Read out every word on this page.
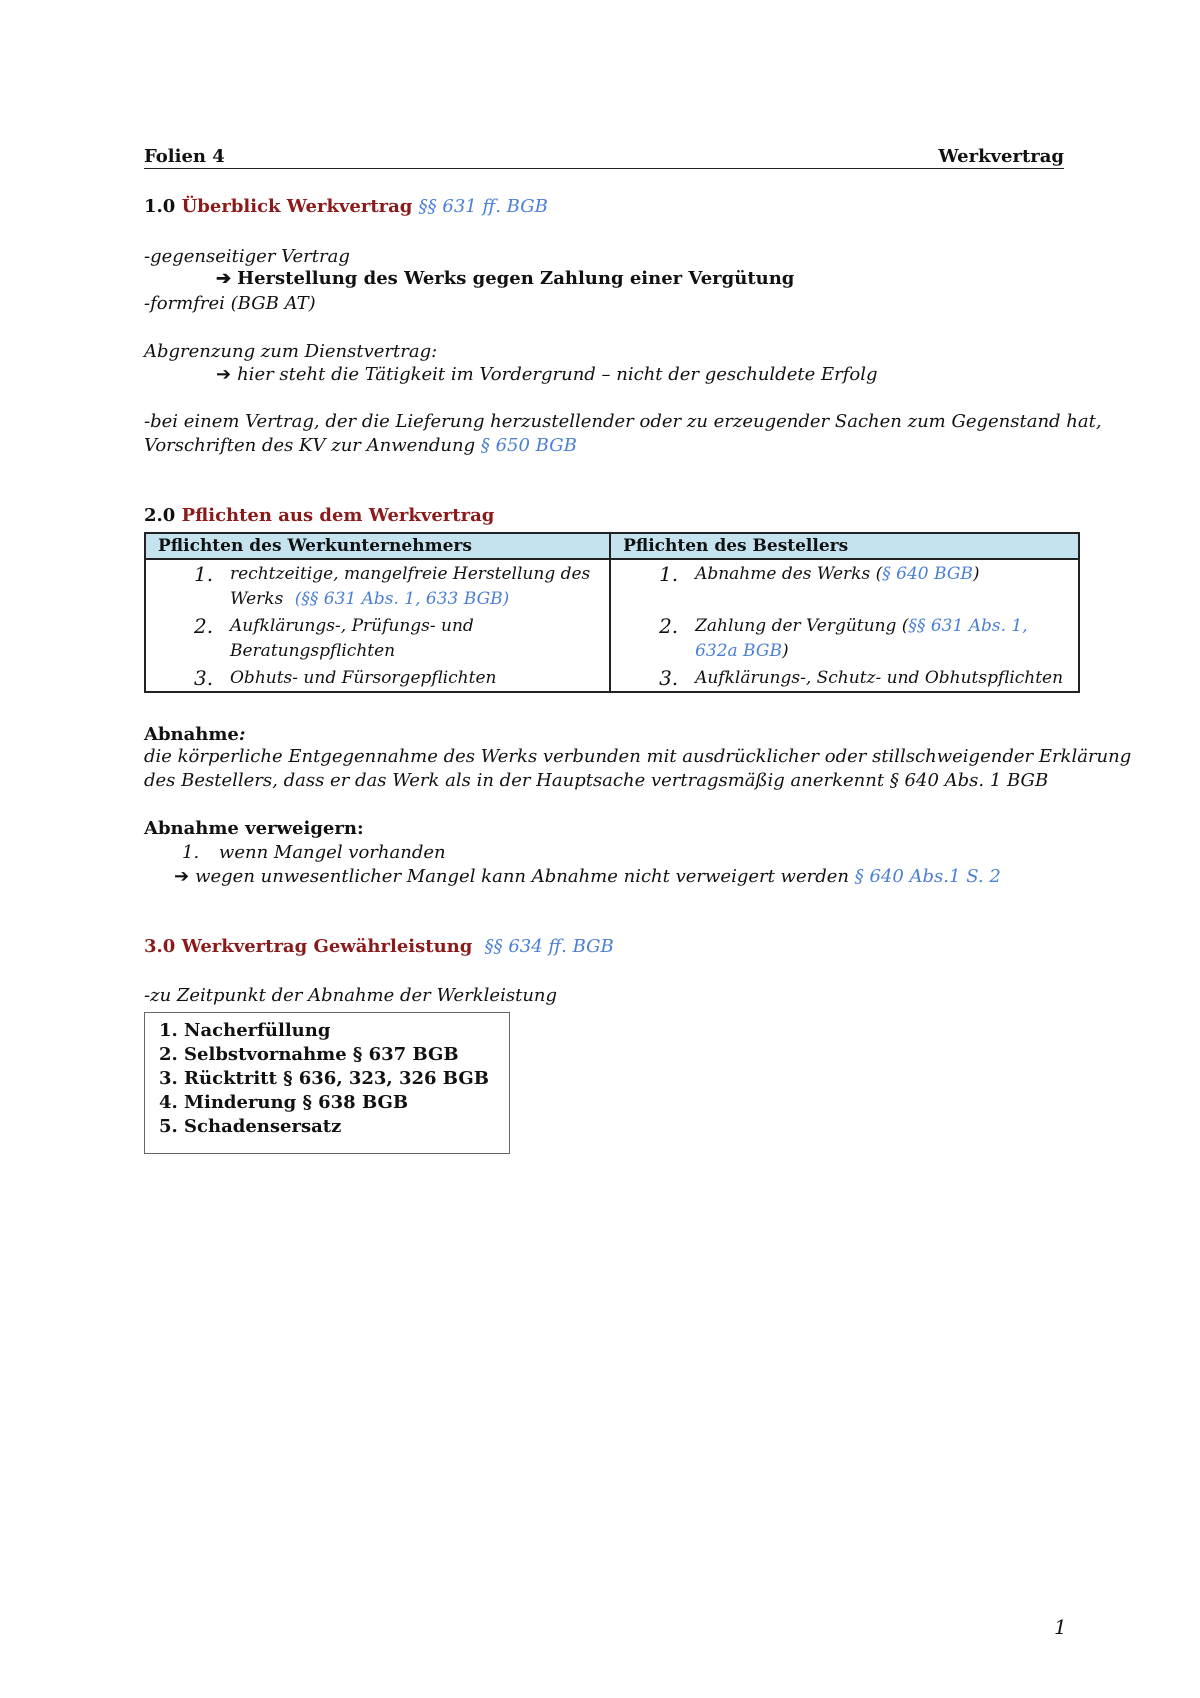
Folien 4	Werkvertrag
1.0 Überblick Werkvertrag §§ 631 ff. BGB
-gegenseitiger Vertrag
➔ Herstellung des Werks gegen Zahlung einer Vergütung
-formfrei (BGB AT)
Abgrenzung zum Dienstvertrag:
➔ hier steht die Tätigkeit im Vordergrund – nicht der geschuldete Erfolg
-bei einem Vertrag, der die Lieferung herzustellender oder zu erzeugender Sachen zum Gegenstand hat,
Vorschriften des KV zur Anwendung § 650 BGB
2.0 Pflichten aus dem Werkvertrag
Pflichten des Werkunternehmers	Pflichten des Bestellers

1. rechtzeitige, mangelfreie Herstellung des Werks (§§ 631 Abs. 1, 633 BGB)	1. Abnahme des Werks (§ 640 BGB)

2. Aufklärungs-, Prüfungs- und Beratungspflichten	2. Zahlung der Vergütung (§§ 631 Abs. 1, 632a BGB)

3. Obhuts- und Fürsorgepflichten	3. Aufklärungs-, Schutz- und Obhutspflichten
Abnahme:
die körperliche Entgegennahme des Werks verbunden mit ausdrücklicher oder stillschweigender Erklärung
des Bestellers, dass er das Werk als in der Hauptsache vertragsmäßig anerkennt § 640 Abs. 1 BGB
Abnahme verweigern:
1. wenn Mangel vorhanden
➔ wegen unwesentlicher Mangel kann Abnahme nicht verweigert werden § 640 Abs.1 S. 2
3.0 Werkvertrag Gewährleistung §§ 634 ff. BGB
-zu Zeitpunkt der Abnahme der Werkleistung
1. Nacherfüllung
2. Selbstvornahme § 637 BGB
3. Rücktritt § 636, 323, 326 BGB
4. Minderung § 638 BGB
5. Schadensersatz
1
